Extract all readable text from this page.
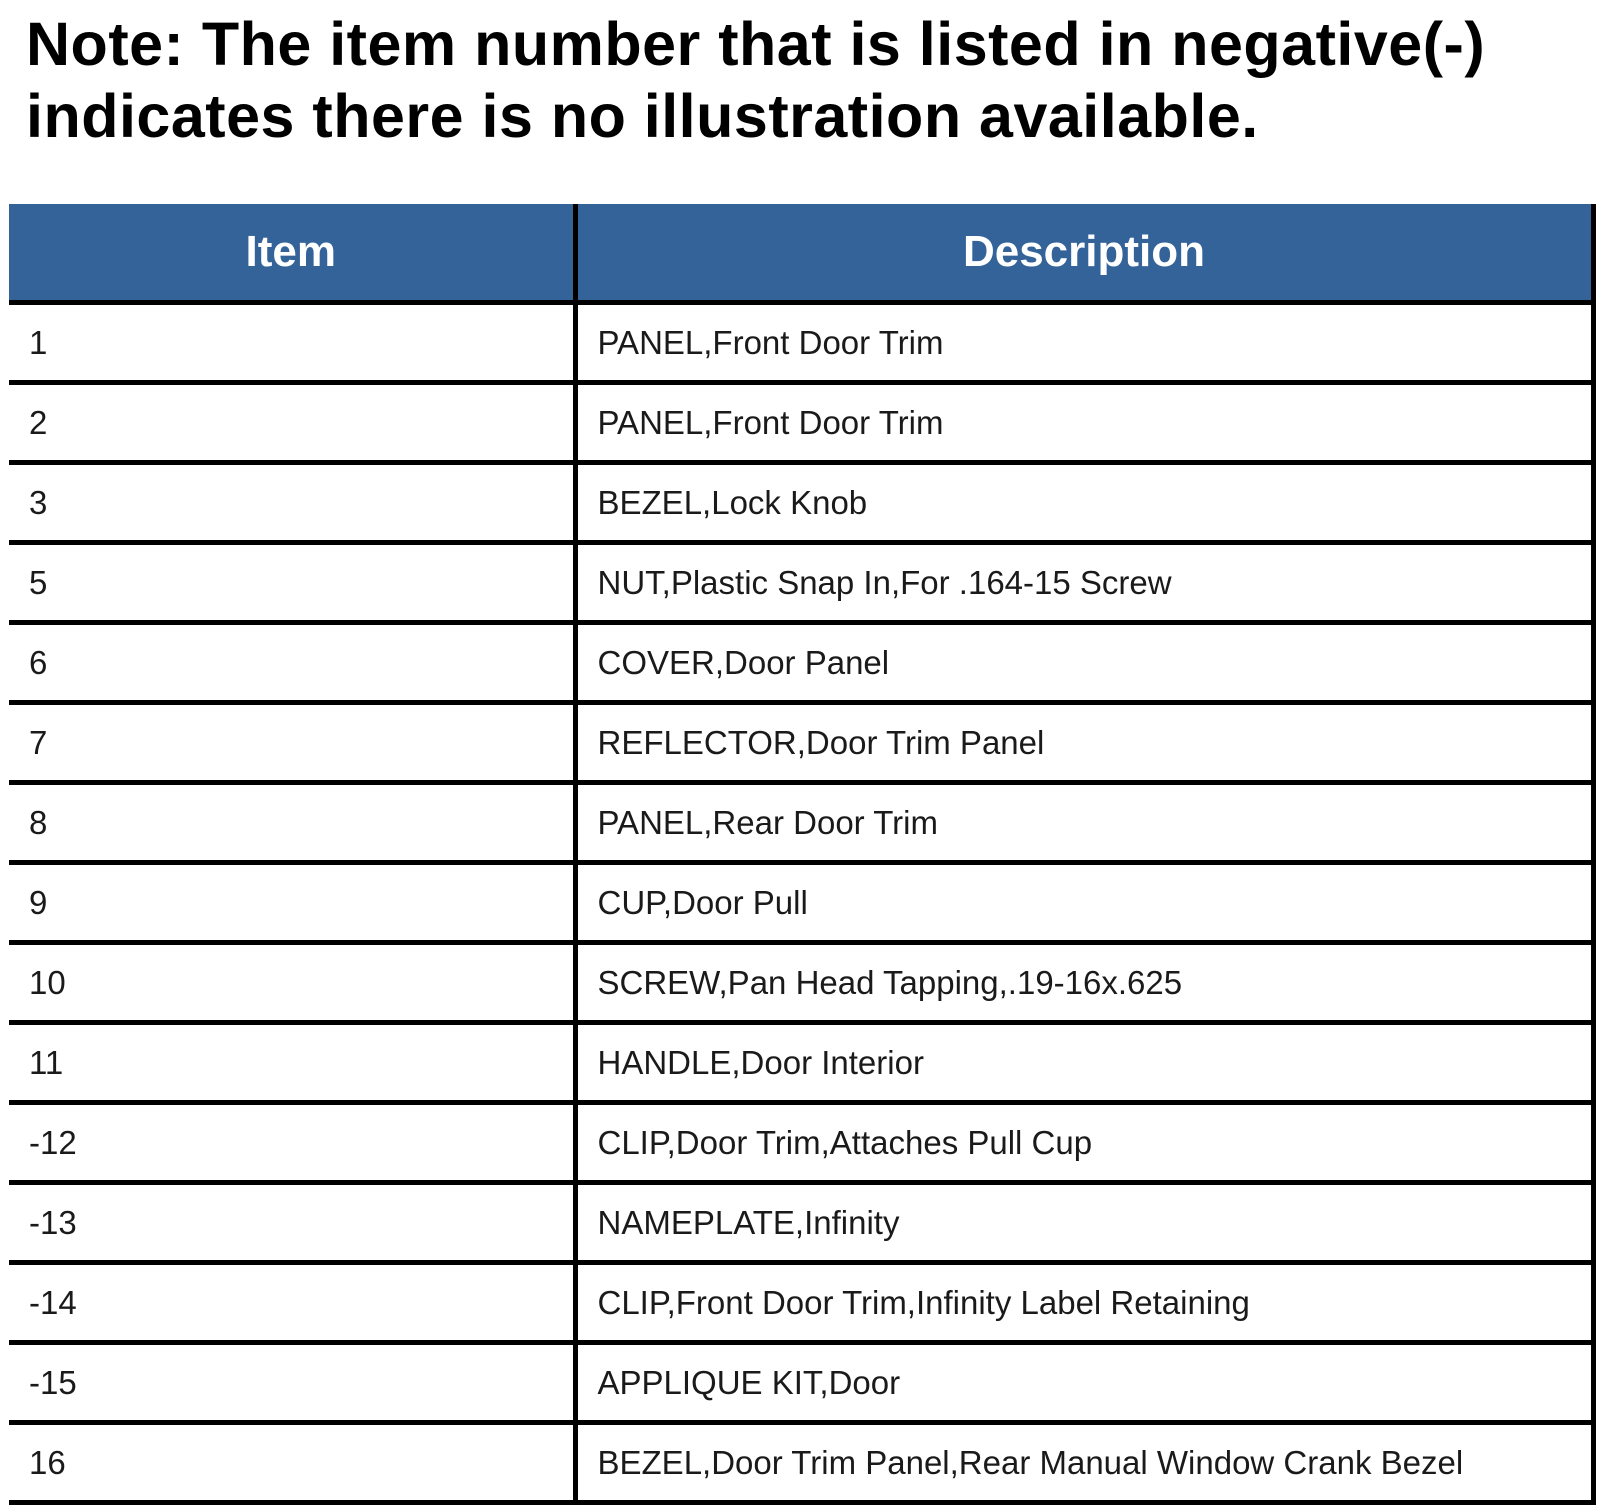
Note: The item number that is listed in negative(-)
indicates there is no illustration available.
Item	Description
1	PANEL,Front Door Trim
2	PANEL,Front Door Trim
3	BEZEL,Lock Knob
5	NUT,Plastic Snap In,For .164-15 Screw
6	COVER,Door Panel
7	REFLECTOR,Door Trim Panel
8	PANEL,Rear Door Trim
9	CUP,Door Pull
10	SCREW,Pan Head Tapping,.19-16x.625
11	HANDLE,Door Interior
-12	CLIP,Door Trim,Attaches Pull Cup
-13	NAMEPLATE,Infinity
-14	CLIP,Front Door Trim,Infinity Label Retaining
-15	APPLIQUE KIT,Door
16	BEZEL,Door Trim Panel,Rear Manual Window Crank Bezel
